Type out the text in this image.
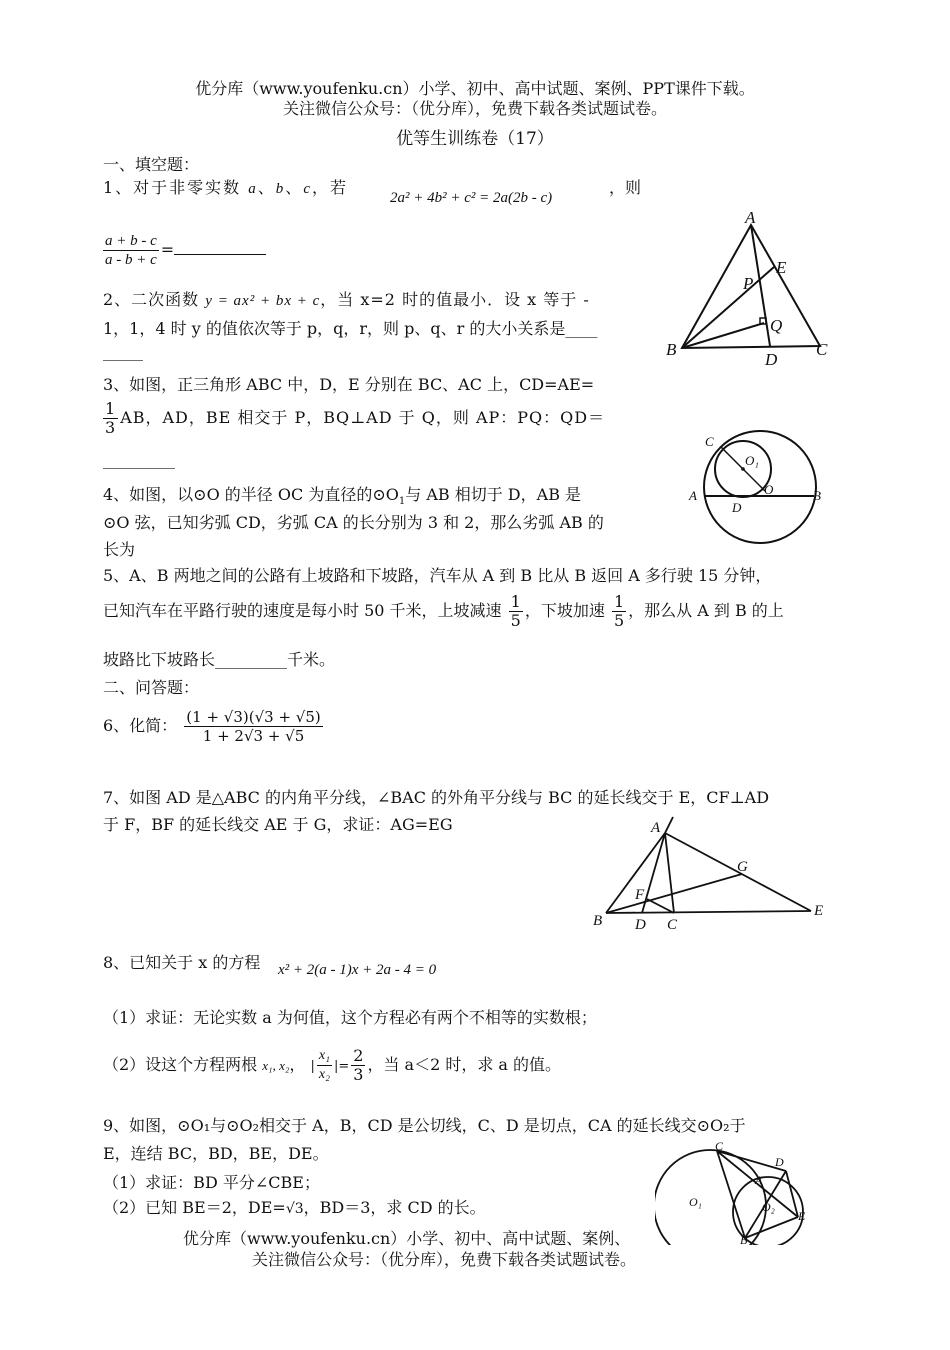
优分库（www.youfenku.cn）小学、初中、高中试题、案例、PPT课件下载。
关注微信公众号：（优分库），免费下载各类试题试卷。
优等生训练卷（17）
一、填空题：
1、对于非零实数 a、b、c，若
2a² + 4b² + c² = 2a(2b - c)
，则
$\frac{a + b - c}{a - b + c}$ =
2、二次函数 y = ax² + bx + c，当 x=2 时的值最小．设 x 等于 -
1，1，4 时 y 的值依次等于 p，q，r，则 p、q、r 的大小关系是____
_____
3、如图，正三角形 ABC 中，D，E 分别在 BC、AC 上，CD=AE=
$\frac{1}{3}$ AB，AD，BE 相交于 P，BQ⊥AD 于 Q，则 AP：PQ：QD＝
_________
4、如图，以⊙O 的半径 OC 为直径的$⊙O_1$与 AB 相切于 D，AB 是
⊙O 弦，已知劣弧 CD，劣弧 CA 的长分别为 3 和 2，那么劣弧 AB 的
长为
5、A、B 两地之间的公路有上坡路和下坡路，汽车从 A 到 B 比从 B 返回 A 多行驶 15 分钟，
已知汽车在平路行驶的速度是每小时 50 千米，上坡减速 $\frac{1}{5}$ ，下坡加速 $\frac{1}{5}$ ，那么从 A 到 B 的上
坡路比下坡路长_________千米。
二、问答题：
6、化简： $\frac{(1 + √3)(√3 + √5)}{1 + 2√3 + √5}$
7、如图 AD 是△ABC 的内角平分线，∠BAC 的外角平分线与 BC 的延长线交于 E，CF⊥AD
于 F，BF 的延长线交 AE 于 G，求证：AG=EG
8、已知关于 x 的方程 x² + 2(a - 1)x + 2a - 4 = 0
（1）求证：无论实数 a 为何值，这个方程必有两个不相等的实数根；
（2）设这个方程两根 x₁, x₂， | $\frac{\text{x₁}}{\text{x₂}}$ |= $\frac{2}{3}$ ，当 a＜2 时，求 a 的值。
9、如图，⊙O₁与⊙O₂相交于 A，B，CD 是公切线，C、D 是切点，CA 的延长线交⊙O₂于
E，连结 BC，BD，BE，DE。
（1）求证：BD 平分∠CBE；
（2）已知 BE＝2，DE=√3，BD＝3，求 CD 的长。
优分库（www.youfenku.cn）小学、初中、高中试题、案例、
关注微信公众号：（优分库），免费下载各类试题试卷。
A
B	C
D
E
P
Q
C
O₁
O
A
D
B
A
B D C
E
F
G
C
D
A
E
B
O₁	O₂
